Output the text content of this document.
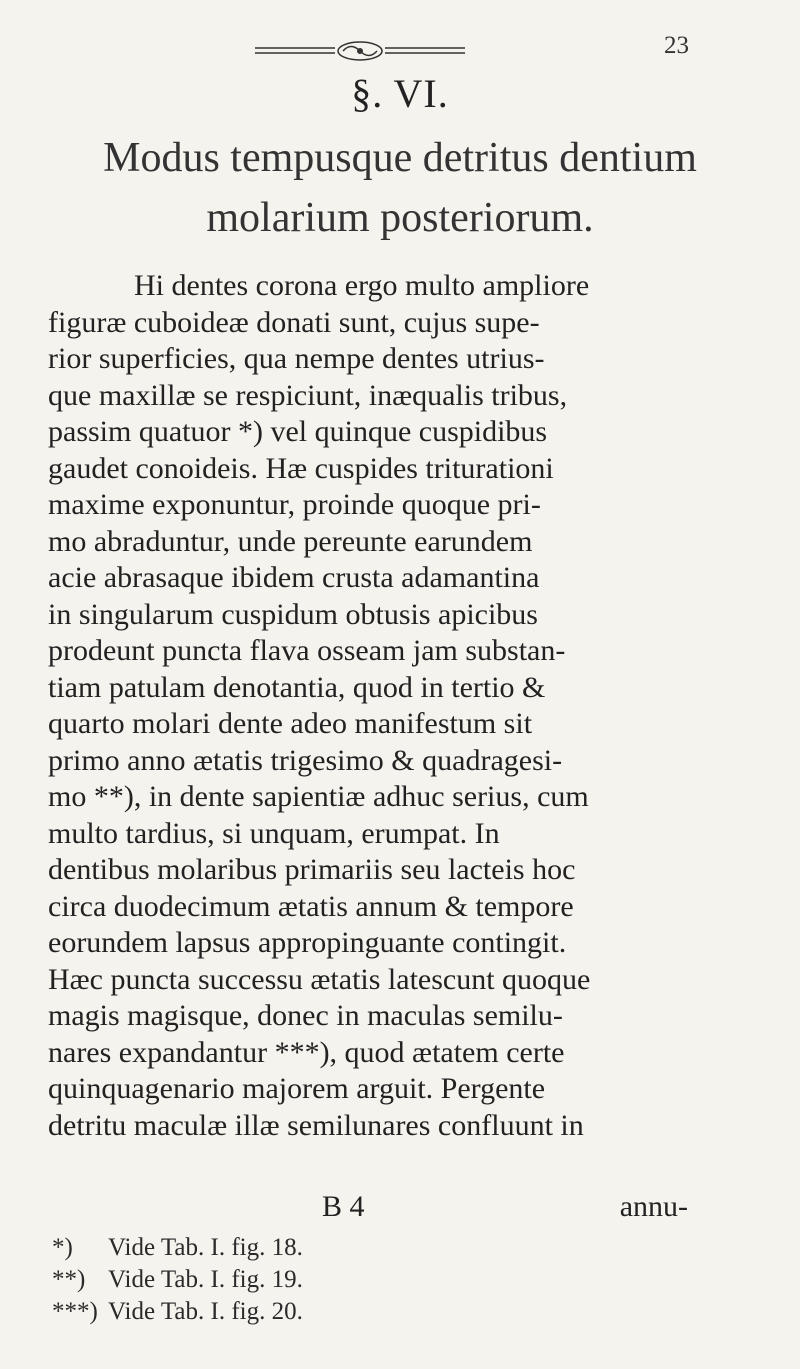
23
§. VI.
Modus tempusque detritus dentium
molarium posteriorum.
Hi dentes corona ergo multo ampliore
figuræ cuboideæ donati sunt, cujus supe-
rior superficies, qua nempe dentes utrius-
que maxillæ se respiciunt, inæqualis tribus,
passim quatuor *) vel quinque cuspidibus
gaudet conoideis. Hæ cuspides triturationi
maxime exponuntur, proinde quoque pri-
mo abraduntur, unde pereunte earundem
acie abrasaque ibidem crusta adamantina
in singularum cuspidum obtusis apicibus
prodeunt puncta flava osseam jam substan-
tiam patulam denotantia, quod in tertio &
quarto molari dente adeo manifestum sit
primo anno ætatis trigesimo & quadragesi-
mo **), in dente sapientiæ adhuc serius, cum
multo tardius, si unquam, erumpat. In
dentibus molaribus primariis seu lacteis hoc
circa duodecimum ætatis annum & tempore
eorundem lapsus appropinguante contingit.
Hæc puncta successu ætatis latescunt quoque
magis magisque, donec in maculas semilu-
nares expandantur ***), quod ætatem certe
quinquagenario majorem arguit. Pergente
detritu maculæ illæ semilunares confluunt in
B 4	annu-
*) Vide Tab. I. fig. 18.
**) Vide Tab. I. fig. 19.
***) Vide Tab. I. fig. 20.
